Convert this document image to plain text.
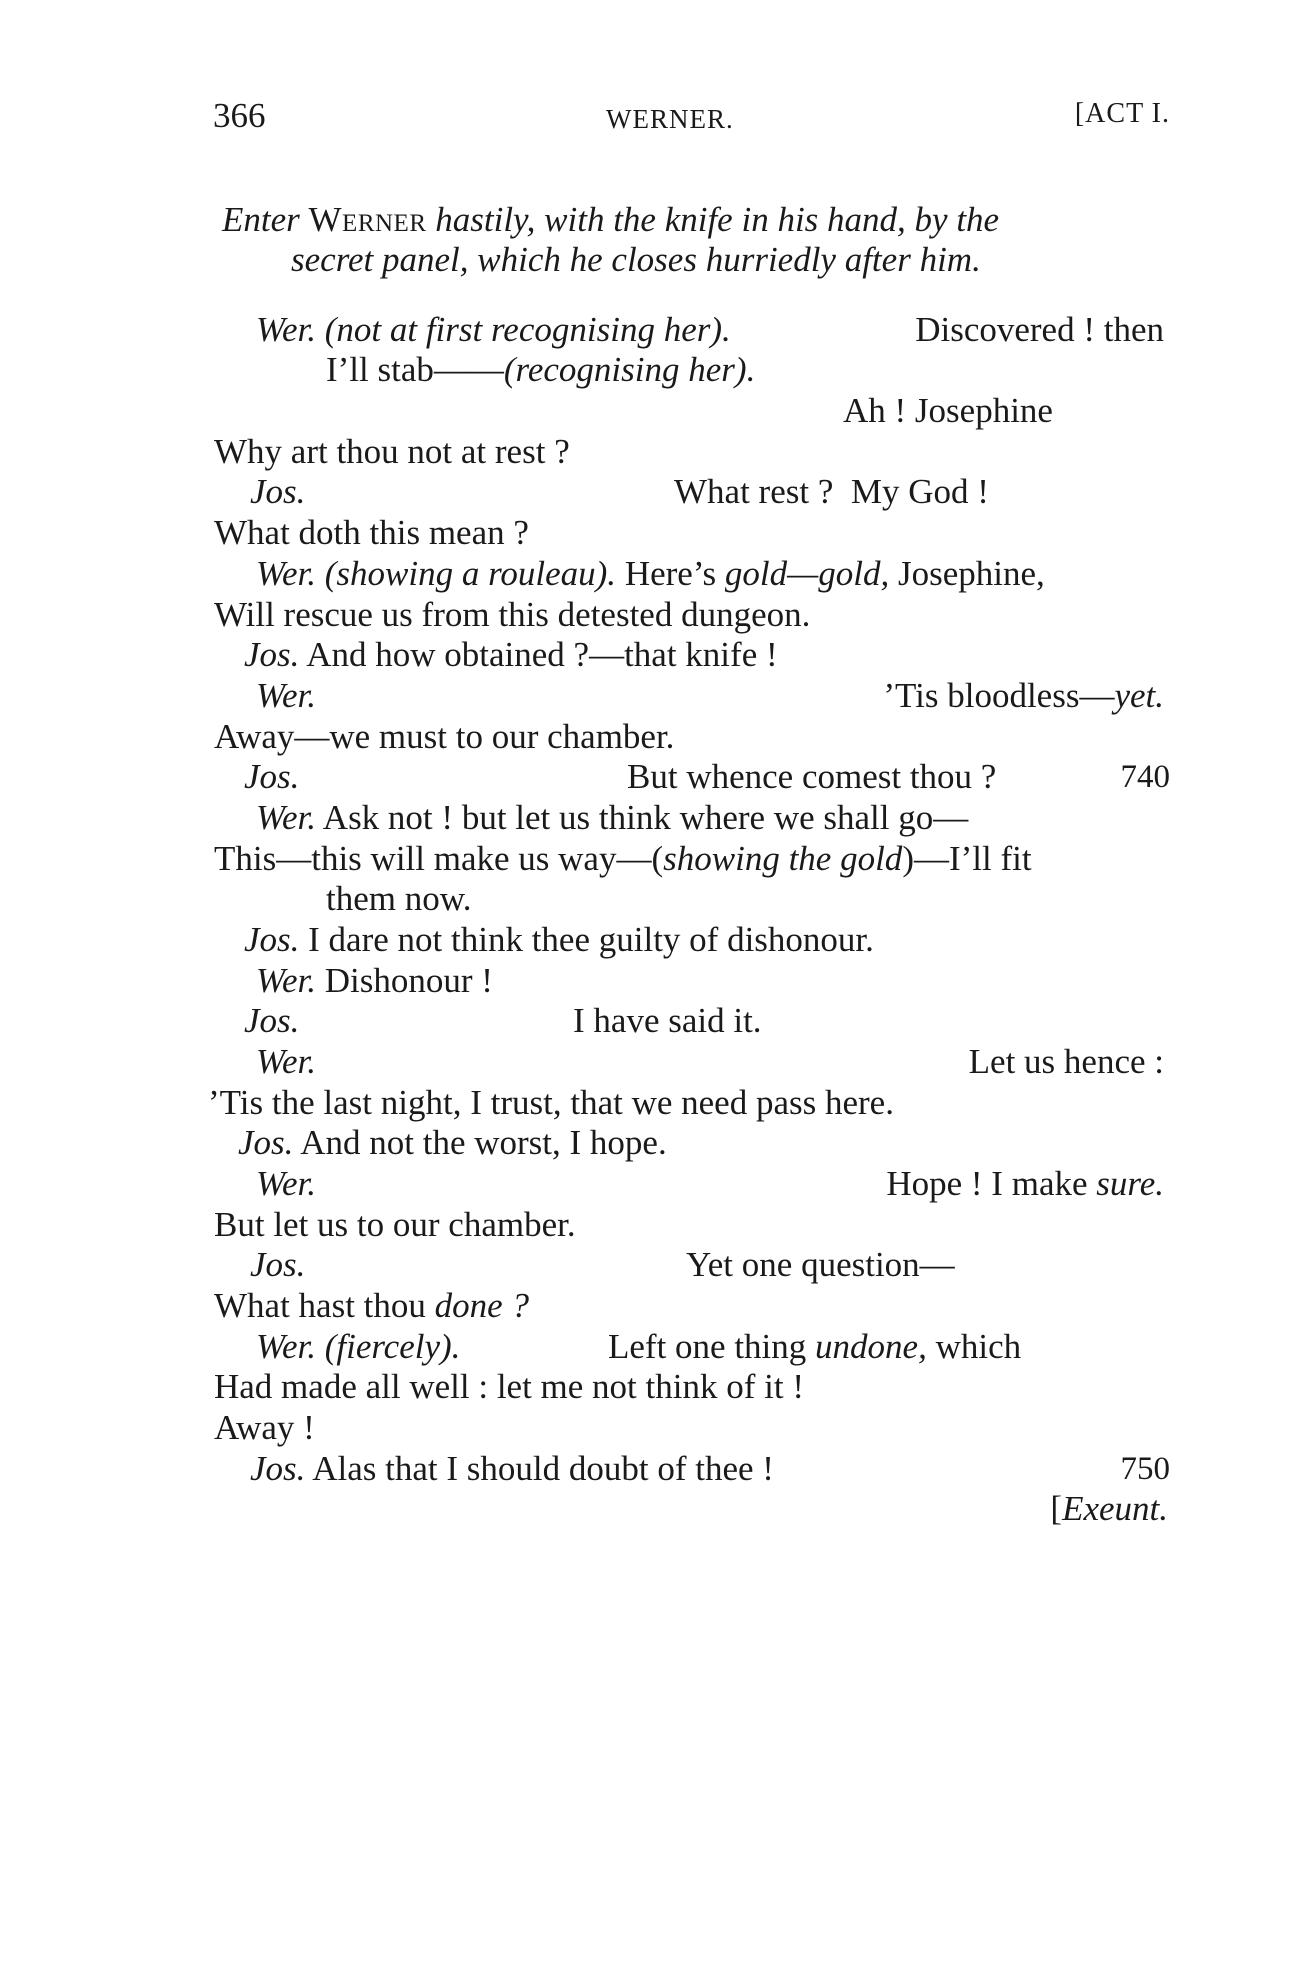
366	WERNER.	[ACT I.
Enter Werner hastily, with the knife in his hand, by the
secret panel, which he closes hurriedly after him.
Wer. (not at first recognising her).	Discovered ! then
I’ll stab——(recognising her).
Ah ! Josephine
Why art thou not at rest ?
Jos.	What rest ?  My God !
What doth this mean ?
Wer. (showing a rouleau). Here’s gold—gold, Josephine,
Will rescue us from this detested dungeon.
Jos. And how obtained ?—that knife !
Wer.	’Tis bloodless—yet.
Away—we must to our chamber.
Jos.	But whence comest thou ?	740
Wer. Ask not ! but let us think where we shall go—
This—this will make us way—(showing the gold)—I’ll fit
them now.
Jos. I dare not think thee guilty of dishonour.
Wer. Dishonour !
Jos.	I have said it.
Wer.	Let us hence :
’Tis the last night, I trust, that we need pass here.
Jos. And not the worst, I hope.
Wer.	Hope ! I make sure.
But let us to our chamber.
Jos.	Yet one question—
What hast thou done ?
Wer. (fiercely).	Left one thing undone, which
Had made all well : let me not think of it !
Away !
Jos. Alas that I should doubt of thee !	750
[Exeunt.
